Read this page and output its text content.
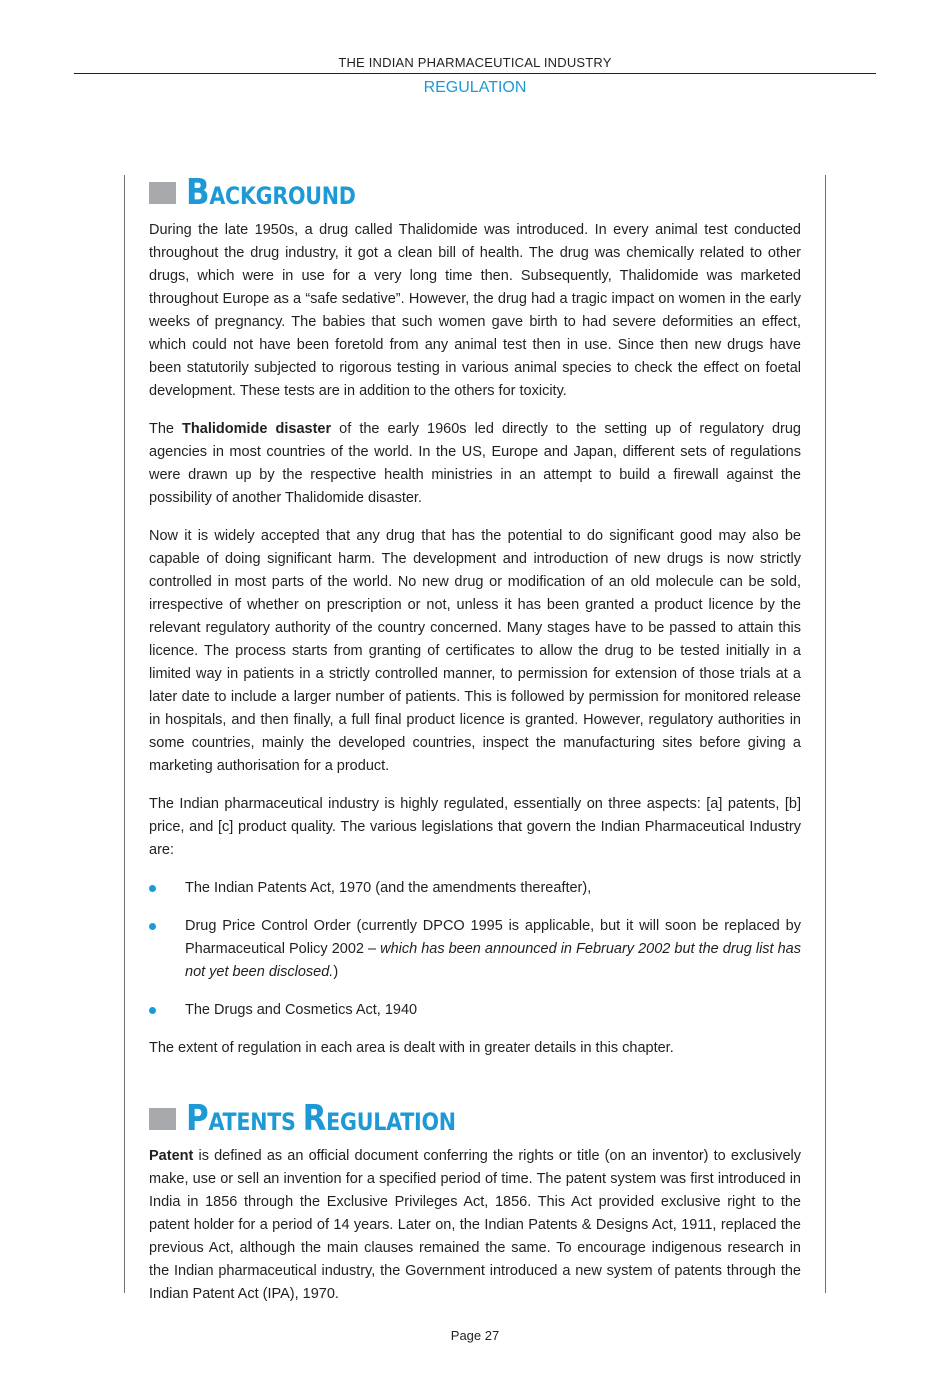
THE INDIAN PHARMACEUTICAL INDUSTRY
REGULATION
BACKGROUND

During the late 1950s, a drug called Thalidomide was introduced. In every animal test conducted throughout the drug industry, it got a clean bill of health. The drug was chemically related to other drugs, which were in use for a very long time then. Subsequently, Thalidomide was marketed throughout Europe as a “safe sedative”. However, the drug had a tragic impact on women in the early weeks of pregnancy. The babies that such women gave birth to had severe deformities an effect, which could not have been foretold from any animal test then in use. Since then new drugs have been statutorily subjected to rigorous testing in various animal species to check the effect on foetal development. These tests are in addition to the others for toxicity.

The Thalidomide disaster of the early 1960s led directly to the setting up of regulatory drug agencies in most countries of the world. In the US, Europe and Japan, different sets of regulations were drawn up by the respective health ministries in an attempt to build a firewall against the possibility of another Thalidomide disaster.

Now it is widely accepted that any drug that has the potential to do significant good may also be capable of doing significant harm. The development and introduction of new drugs is now strictly controlled in most parts of the world. No new drug or modification of an old molecule can be sold, irrespective of whether on prescription or not, unless it has been granted a product licence by the relevant regulatory authority of the country concerned. Many stages have to be passed to attain this licence. The process starts from granting of certificates to allow the drug to be tested initially in a limited way in patients in a strictly controlled manner, to permission for extension of those trials at a later date to include a larger number of patients. This is followed by permission for monitored release in hospitals, and then finally, a full final product licence is granted. However, regulatory authorities in some countries, mainly the developed countries, inspect the manufacturing sites before giving a marketing authorisation for a product.

The Indian pharmaceutical industry is highly regulated, essentially on three aspects: [a] patents, [b] price, and [c] product quality. The various legislations that govern the Indian Pharmaceutical Industry are:

The Indian Patents Act, 1970 (and the amendments thereafter),
Drug Price Control Order (currently DPCO 1995 is applicable, but it will soon be replaced by Pharmaceutical Policy 2002 – which has been announced in February 2002 but the drug list has not yet been disclosed.)
The Drugs and Cosmetics Act, 1940

The extent of regulation in each area is dealt with in greater details in this chapter.

PATENTS REGULATION

Patent is defined as an official document conferring the rights or title (on an inventor) to exclusively make, use or sell an invention for a specified period of time. The patent system was first introduced in India in 1856 through the Exclusive Privileges Act, 1856. This Act provided exclusive right to the patent holder for a period of 14 years. Later on, the Indian Patents & Designs Act, 1911, replaced the previous Act, although the main clauses remained the same. To encourage indigenous research in the Indian pharmaceutical industry, the Government introduced a new system of patents through the Indian Patent Act (IPA), 1970.

Page 27
